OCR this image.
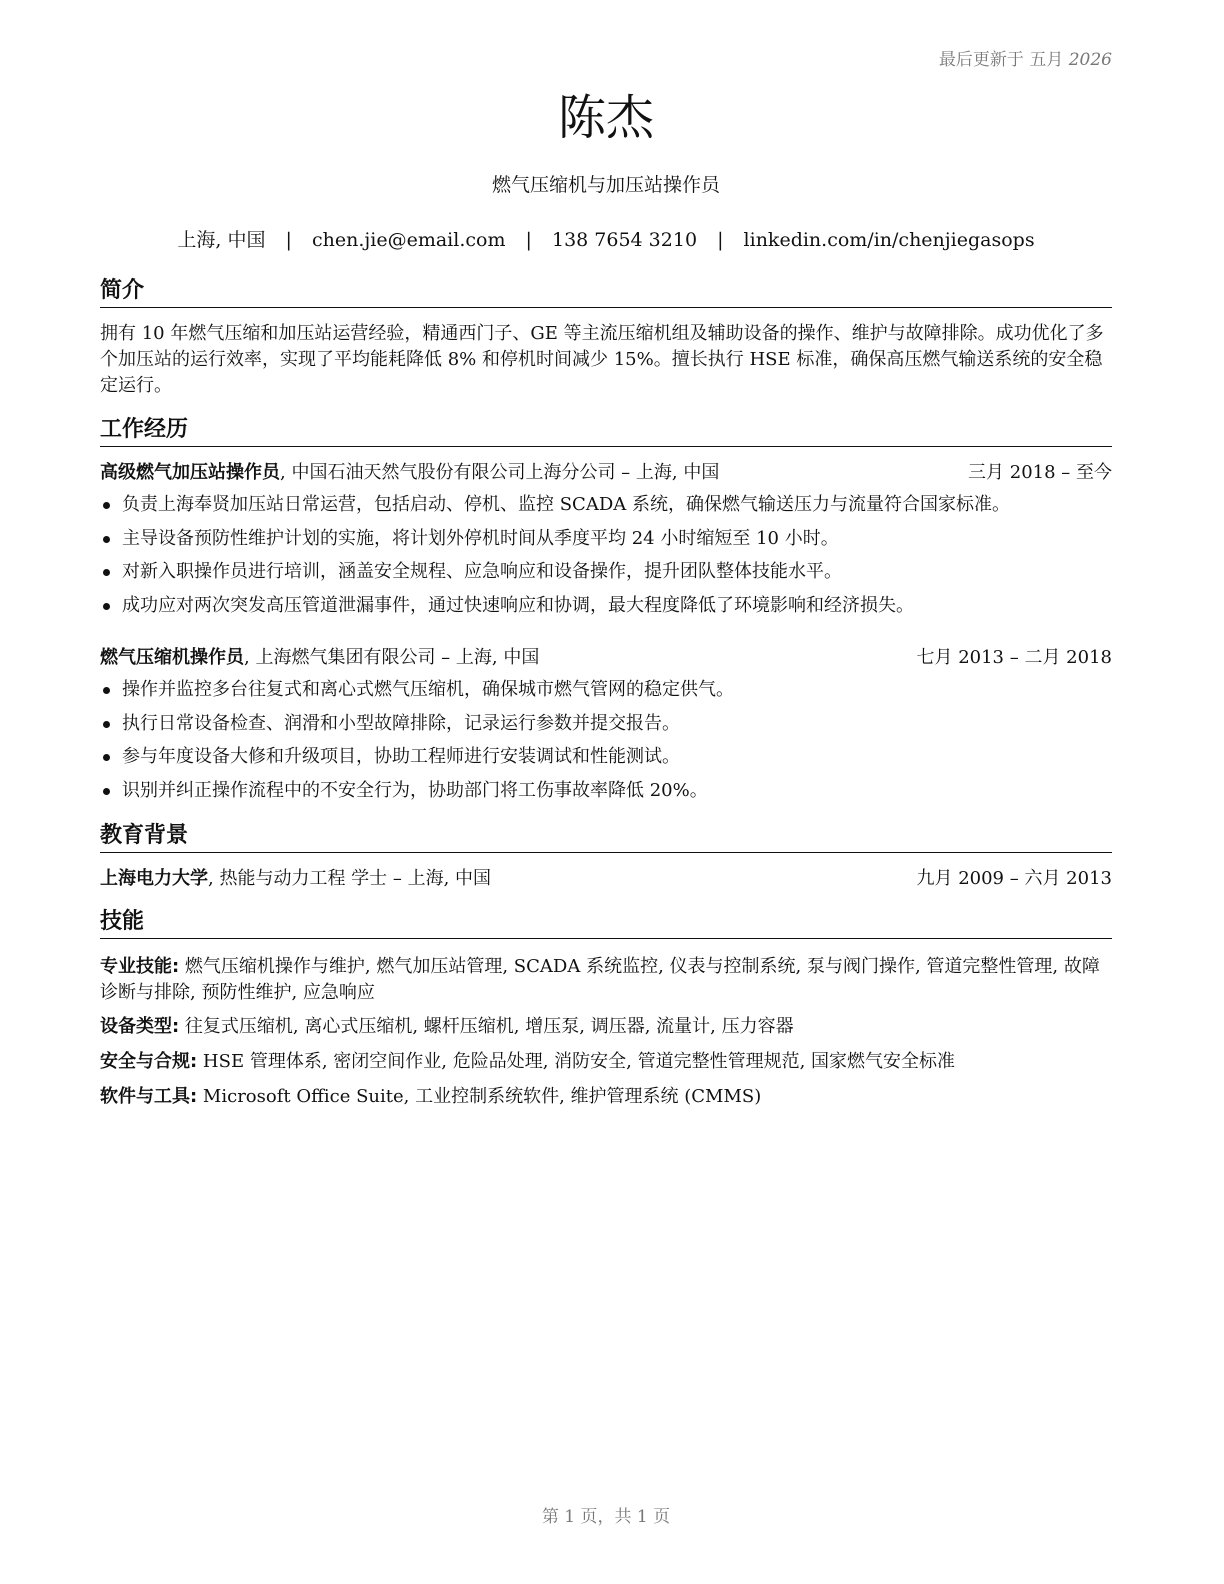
最后更新于 五月 2026
陈杰
燃气压缩机与加压站操作员
上海, 中国 | chen.jie@email.com | 138 7654 3210 | linkedin.com/in/chenjiegasops
简介
拥有 10 年燃气压缩和加压站运营经验，精通西门子、GE 等主流压缩机组及辅助设备的操作、维护与故障排除。成功优化了多个加压站的运行效率，实现了平均能耗降低 8% 和停机时间减少 15%。擅长执行 HSE 标准，确保高压燃气输送系统的安全稳定运行。
工作经历
高级燃气加压站操作员, 中国石油天然气股份有限公司上海分公司 – 上海, 中国	三月 2018 – 至今
负责上海奉贤加压站日常运营，包括启动、停机、监控 SCADA 系统，确保燃气输送压力与流量符合国家标准。
主导设备预防性维护计划的实施，将计划外停机时间从季度平均 24 小时缩短至 10 小时。
对新入职操作员进行培训，涵盖安全规程、应急响应和设备操作，提升团队整体技能水平。
成功应对两次突发高压管道泄漏事件，通过快速响应和协调，最大程度降低了环境影响和经济损失。
燃气压缩机操作员, 上海燃气集团有限公司 – 上海, 中国	七月 2013 – 二月 2018
操作并监控多台往复式和离心式燃气压缩机，确保城市燃气管网的稳定供气。
执行日常设备检查、润滑和小型故障排除，记录运行参数并提交报告。
参与年度设备大修和升级项目，协助工程师进行安装调试和性能测试。
识别并纠正操作流程中的不安全行为，协助部门将工伤事故率降低 20%。
教育背景
上海电力大学, 热能与动力工程 学士 – 上海, 中国	九月 2009 – 六月 2013
技能
专业技能: 燃气压缩机操作与维护, 燃气加压站管理, SCADA 系统监控, 仪表与控制系统, 泵与阀门操作, 管道完整性管理, 故障诊断与排除, 预防性维护, 应急响应
设备类型: 往复式压缩机, 离心式压缩机, 螺杆压缩机, 增压泵, 调压器, 流量计, 压力容器
安全与合规: HSE 管理体系, 密闭空间作业, 危险品处理, 消防安全, 管道完整性管理规范, 国家燃气安全标准
软件与工具: Microsoft Office Suite, 工业控制系统软件, 维护管理系统 (CMMS)
第 1 页，共 1 页
